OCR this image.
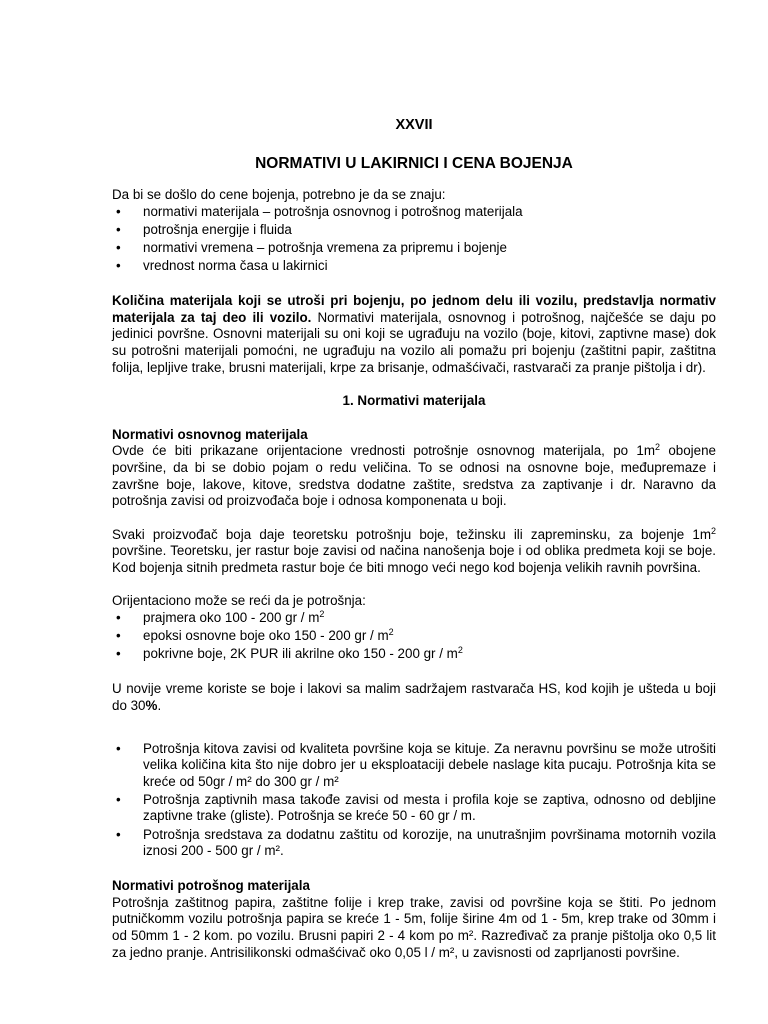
XXVII
NORMATIVI U LAKIRNICI I CENA BOJENJA

Da bi se došlo do cene bojenja, potrebno je da se znaju:

• normativi materijala – potrošnja osnovnog i potrošnog materijala
• potrošnja energije i fluida
• normativi vremena – potrošnja vremena za pripremu i bojenje
• vrednost norma časa u lakirnici

Količina materijala koji se utroši pri bojenju, po jednom delu ili vozilu, predstavlja normativ materijala za taj deo ili vozilo. Normativi materijala, osnovnog i potrošnog, najčešće se daju po jedinici površne. Osnovni materijali su oni koji se ugrađuju na vozilo (boje, kitovi, zaptivne mase) dok su potrošni materijali pomoćni, ne ugrađuju na vozilo ali pomažu pri bojenju (zaštitni papir, zaštitna folija, lepljive trake, brusni materijali, krpe za brisanje, odmašćivači, rastvarači za pranje pištolja i dr).

1. Normativi materijala

Normativi osnovnog materijala

Ovde će biti prikazane orijentacione vrednosti potrošnje osnovnog materijala, po $1m^2$ obojene površine, da bi se dobio pojam o redu veličina. To se odnosi na osnovne boje, međupremaze i završne boje, lakove, kitove, sredstva dodatne zaštite, sredstva za zaptivanje i dr. Naravno da potrošnja zavisi od proizvođača boje i odnosa komponenata u boji.

Svaki proizvođač boja daje teoretsku potrošnju boje, težinsku ili zapreminsku, za bojenje $1m^2$ površine. Teoretsku, jer rastur boje zavisi od načina nanošenja boje i od oblika predmeta koji se boje. Kod bojenja sitnih predmeta rastur boje će biti mnogo veći nego kod bojenja velikih ravnih površina.

Orijentaciono može se reći da je potrošnja:

• prajmera oko 100 - 200 gr / $m^2$
• epoksi osnovne boje oko 150 - 200 gr / $m^2$
• pokrivne boje, 2K PUR ili akrilne oko 150 - 200 gr / $m^2$

U novije vreme koriste se boje i lakovi sa malim sadržajem rastvarača HS, kod kojih je ušteda u boji do 30%.

• Potrošnja kitova zavisi od kvaliteta površine koja se kituje. Za neravnu površinu se može utrošiti velika količina kita što nije dobro jer u eksploataciji debele naslage kita pucaju. Potrošnja kita se kreće od 50gr / m² do 300 gr / m²
• Potrošnja zaptivnih masa takođe zavisi od mesta i profila koje se zaptiva, odnosno od debljine zaptivne trake (gliste). Potrošnja se kreće 50 - 60 gr / m.
• Potrošnja sredstava za dodatnu zaštitu od korozije, na unutrašnjim površinama motornih vozila iznosi 200 - 500 gr / m².

Normativi potrošnog materijala

Potrošnja zaštitnog papira, zaštitne folije i krep trake, zavisi od površine koja se štiti. Po jednom putničkomm vozilu potrošnja papira se kreće 1 - 5m, folije širine 4m od 1 - 5m, krep trake od 30mm i od 50mm 1 - 2 kom. po vozilu. Brusni papiri 2 - 4 kom po m². Razređivač za pranje pištolja oko 0,5 lit za jedno pranje. Antrisilikonski odmašćivač oko 0,05 l / m², u zavisnosti od zaprljanosti površine.
